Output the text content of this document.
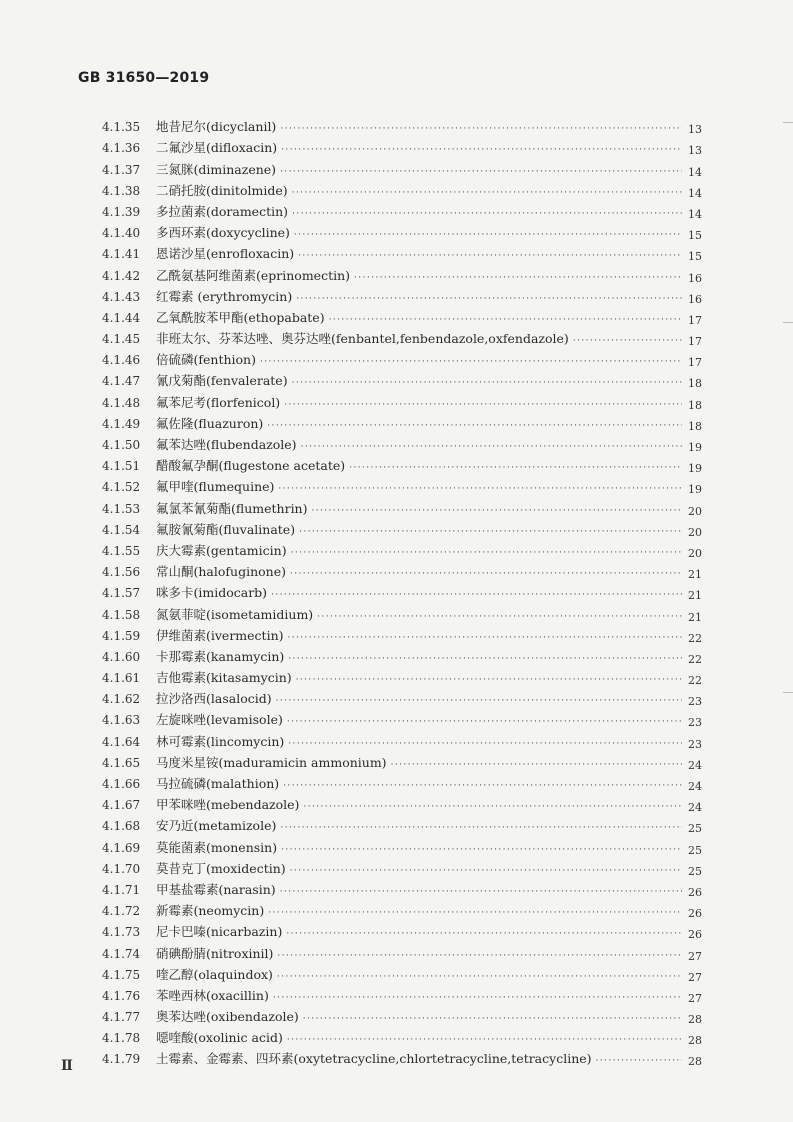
GB 31650—2019
4.1.35	地昔尼尔(dicyclanil) ·····	13
4.1.36	二氟沙星(difloxacin) ·····	13
4.1.37	三氮脒(diminazene) ·····	14
4.1.38	二硝托胺(dinitolmide) ·····	14
4.1.39	多拉菌素(doramectin) ·····	14
4.1.40	多西环素(doxycycline) ·····	15
4.1.41	恩诺沙星(enrofloxacin) ·····	15
4.1.42	乙酰氨基阿维菌素(eprinomectin) ·····	16
4.1.43	红霉素 (erythromycin) ·····	16
4.1.44	乙氧酰胺苯甲酯(ethopabate) ·····	17
4.1.45	非班太尔、芬苯达唑、奥芬达唑(fenbantel,fenbendazole,oxfendazole) ·····	17
4.1.46	倍硫磷(fenthion) ·····	17
4.1.47	氰戊菊酯(fenvalerate) ·····	18
4.1.48	氟苯尼考(florfenicol) ·····	18
4.1.49	氟佐隆(fluazuron) ·····	18
4.1.50	氟苯达唑(flubendazole) ·····	19
4.1.51	醋酸氟孕酮(flugestone acetate) ·····	19
4.1.52	氟甲喹(flumequine) ·····	19
4.1.53	氟氯苯氰菊酯(flumethrin) ·····	20
4.1.54	氟胺氰菊酯(fluvalinate) ·····	20
4.1.55	庆大霉素(gentamicin) ·····	20
4.1.56	常山酮(halofuginone) ·····	21
4.1.57	咪多卡(imidocarb) ·····	21
4.1.58	氮氨菲啶(isometamidium) ·····	21
4.1.59	伊维菌素(ivermectin) ·····	22
4.1.60	卡那霉素(kanamycin) ·····	22
4.1.61	吉他霉素(kitasamycin) ·····	22
4.1.62	拉沙洛西(lasalocid) ·····	23
4.1.63	左旋咪唑(levamisole) ·····	23
4.1.64	林可霉素(lincomycin) ·····	23
4.1.65	马度米星铵(maduramicin ammonium) ·····	24
4.1.66	马拉硫磷(malathion) ·····	24
4.1.67	甲苯咪唑(mebendazole) ·····	24
4.1.68	安乃近(metamizole) ·····	25
4.1.69	莫能菌素(monensin) ·····	25
4.1.70	莫昔克丁(moxidectin) ·····	25
4.1.71	甲基盐霉素(narasin) ·····	26
4.1.72	新霉素(neomycin) ·····	26
4.1.73	尼卡巴嗪(nicarbazin) ·····	26
4.1.74	硝碘酚腈(nitroxinil) ·····	27
4.1.75	喹乙醇(olaquindox) ·····	27
4.1.76	苯唑西林(oxacillin) ·····	27
4.1.77	奥苯达唑(oxibendazole) ·····	28
4.1.78	噁喹酸(oxolinic acid) ·····	28
4.1.79	土霉素、金霉素、四环素(oxytetracycline,chlortetracycline,tetracycline) ·····	28
Ⅱ
